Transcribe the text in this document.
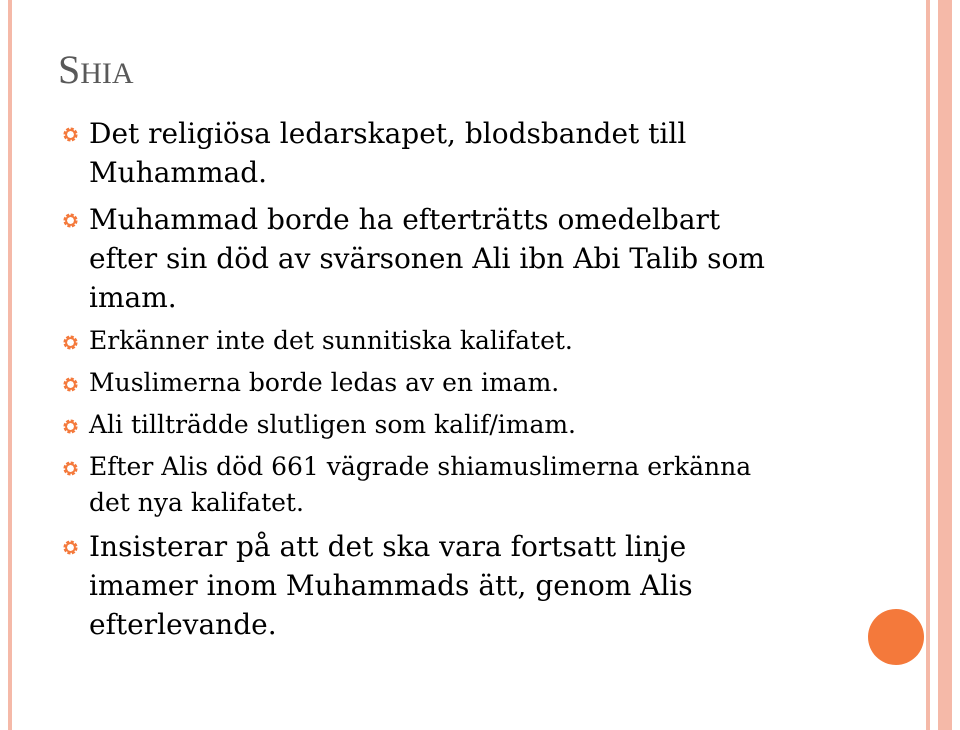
SHIA
Det religiösa ledarskapet, blodsbandet till Muhammad.
Muhammad borde ha efterträtts omedelbart efter sin död av svärsonen Ali ibn Abi Talib som imam.
Erkänner inte det sunnitiska kalifatet.
Muslimerna borde ledas av en imam.
Ali tillträdde slutligen som kalif/imam.
Efter Alis död 661 vägrade shiamuslimerna erkänna det nya kalifatet.
Insisterar på att det ska vara fortsatt linje imamer inom Muhammads ätt, genom Alis efterlevande.
